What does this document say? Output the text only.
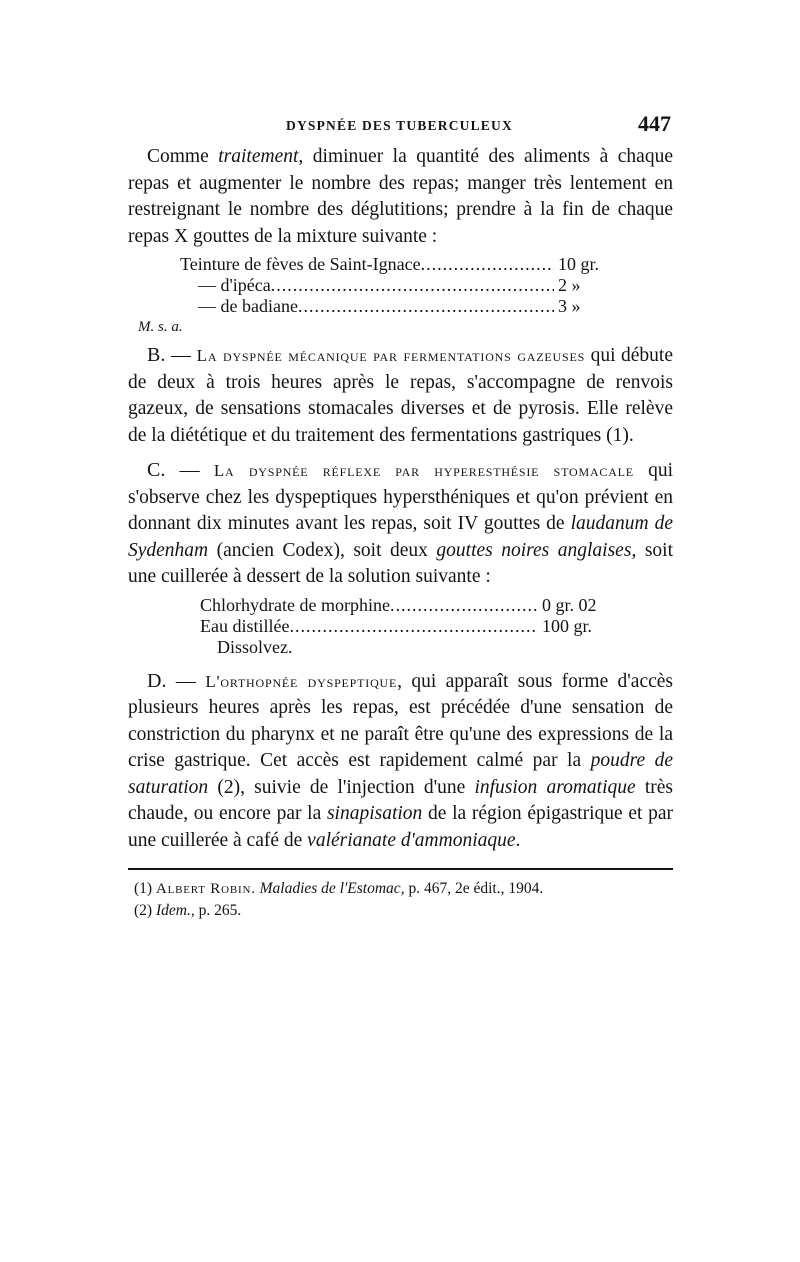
DYSPNÉE DES TUBERCULEUX	447

Comme traitement, diminuer la quantité des aliments à chaque repas et augmenter le nombre des repas; manger très lentement en restreignant le nombre des déglutitions; prendre à la fin de chaque repas X gouttes de la mixture suivante :

Teinture de fèves de Saint-Ignace .....	10 gr.
— d'ipéca .....	2 »
— de badiane .....	3 »
M. s. a.

B. — La dyspnée mécanique par fermentations gazeuses qui débute de deux à trois heures après le repas, s'accompagne de renvois gazeux, de sensations stomacales diverses et de pyrosis. Elle relève de la diététique et du traitement des fermentations gastriques (1).

C. — La dyspnée réflexe par hyperesthésie stomacale qui s'observe chez les dyspeptiques hypersthéniques et qu'on prévient en donnant dix minutes avant les repas, soit IV gouttes de laudanum de Sydenham (ancien Codex), soit deux gouttes noires anglaises, soit une cuillerée à dessert de la solution suivante :

Chlorhydrate de morphine .....	0 gr. 02
Eau distillée .....	100 gr.
Dissolvez.

D. — L'orthopnée dyspeptique, qui apparaît sous forme d'accès plusieurs heures après les repas, est précédée d'une sensation de constriction du pharynx et ne paraît être qu'une des expressions de la crise gastrique. Cet accès est rapidement calmé par la poudre de saturation (2), suivie de l'injection d'une infusion aromatique très chaude, ou encore par la sinapisation de la région épigastrique et par une cuillerée à café de valérianate d'ammoniaque.

(1) Albert Robin. Maladies de l'Estomac, p. 467, 2e édit., 1904.
(2) Idem., p. 265.
